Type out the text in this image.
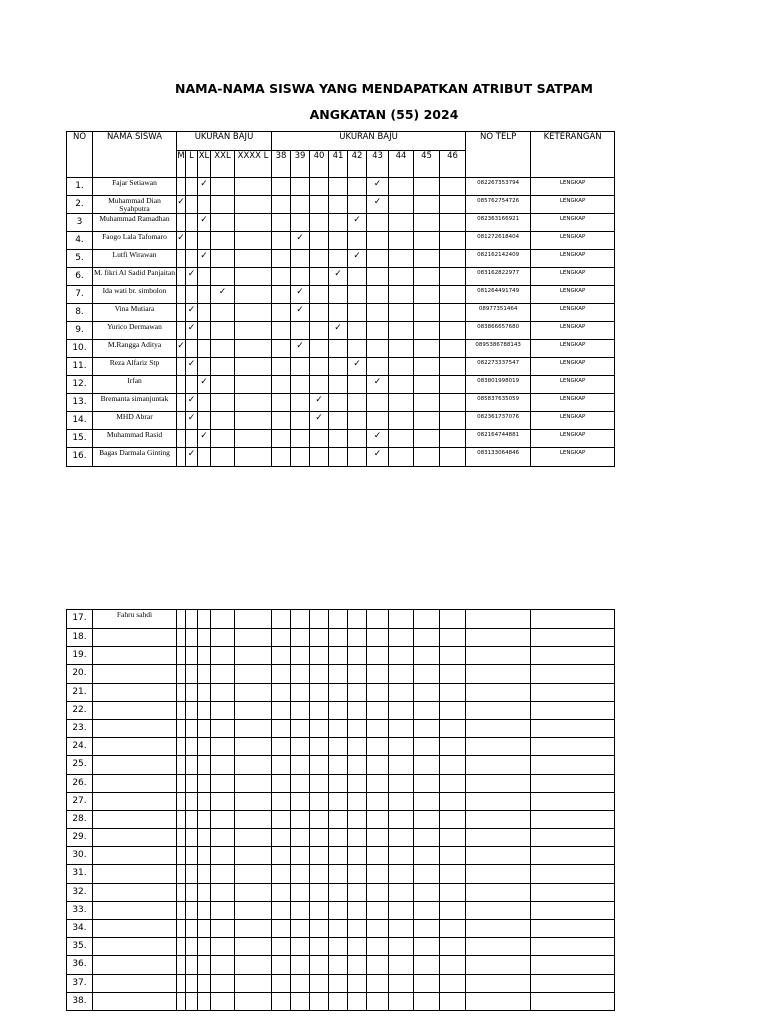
NAMA-NAMA SISWA YANG MENDAPATKAN ATRIBUT SATPAM
ANGKATAN (55) 2024
NO	NAMA SISWA	UKURAN BAJU					UKURAN BAJU									NO TELP	KETERANGAN
		M	L	XL	XXL	XXXX L	38	39	40	41	42	43	44	45	46		
1.	Fajar Setiawan			✓								✓				082267353794	LENGKAP
2.	Muhammad Dian Syahputra	✓										✓				085762754726	LENGKAP
3	Muhammad Ramadhan			✓							✓					082363166921	LENGKAP
4.	Faogo Lala Tafomaro	✓						✓								081272618404	LENGKAP
5.	Lutfi Wirawan			✓							✓					082162142409	LENGKAP
6.	M. fikri Al Sadid Panjaitan		✓							✓						083162822977	LENGKAP
7.	Ida wati br. simbolon				✓			✓								081264491749	LENGKAP
8.	Vina Mutiara		✓					✓								08977351464	LENGKAP
9.	Yurico Dermawan		✓							✓						083866657680	LENGKAP
10.	M.Rangga Aditya	✓						✓								0895386788143	LENGKAP
11.	Reza Alfariz Stp		✓								✓					082273337547	LENGKAP
12.	Irfan			✓								✓				083801998019	LENGKAP
13.	Bremanta simanjuntak		✓						✓							085837635059	LENGKAP
14.	MHD Abrar		✓						✓							082361737076	LENGKAP
15.	Muhammad Rasid			✓								✓				082164744881	LENGKAP
16.	Bagas Darmala Ginting		✓									✓				083133064846	LENGKAP
17.	Fahru sahdi																
18.																	
19.																	
20.																	
21.																	
22.																	
23.																	
24.																	
25.																	
26.																	
27.																	
28.																	
29.																	
30.																	
31.																	
32.																	
33.																	
34.																	
35.																	
36.																	
37.																	
38.																	
